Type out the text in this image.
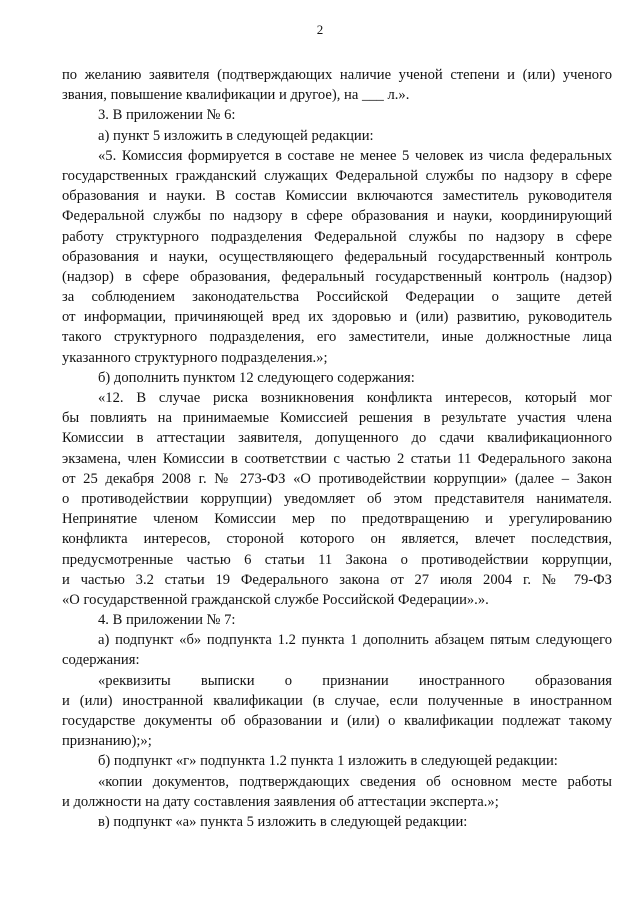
2
по желанию заявителя (подтверждающих наличие ученой степени и (или) ученого
звания, повышение квалификации и другое), на ___ л.».
3. В приложении № 6:
а) пункт 5 изложить в следующей редакции:
«5. Комиссия формируется в составе не менее 5 человек из числа федеральных
государственных гражданский служащих Федеральной службы по надзору в сфере
образования и науки. В состав Комиссии включаются заместитель руководителя
Федеральной службы по надзору в сфере образования и науки, координирующий
работу структурного подразделения Федеральной службы по надзору в сфере
образования и науки, осуществляющего федеральный государственный контроль
(надзор) в сфере образования, федеральный государственный контроль (надзор)
за соблюдением законодательства Российской Федерации о защите детей
от информации, причиняющей вред их здоровью и (или) развитию, руководитель
такого структурного подразделения, его заместители, иные должностные лица
указанного структурного подразделения.»;
б) дополнить пунктом 12 следующего содержания:
«12. В случае риска возникновения конфликта интересов, который мог
бы повлиять на принимаемые Комиссией решения в результате участия члена
Комиссии в аттестации заявителя, допущенного до сдачи квалификационного
экзамена, член Комиссии в соответствии с частью 2 статьи 11 Федерального закона
от 25 декабря 2008 г. № 273-ФЗ «О противодействии коррупции» (далее – Закон
о противодействии коррупции) уведомляет об этом представителя нанимателя.
Непринятие членом Комиссии мер по предотвращению и урегулированию
конфликта интересов, стороной которого он является, влечет последствия,
предусмотренные частью 6 статьи 11 Закона о противодействии коррупции,
и частью 3.2 статьи 19 Федерального закона от 27 июля 2004 г. № 79-ФЗ
«О государственной гражданской службе Российской Федерации».».
4. В приложении № 7:
а) подпункт «б» подпункта 1.2 пункта 1 дополнить абзацем пятым следующего
содержания:
«реквизиты выписки о признании иностранного образования
и (или) иностранной квалификации (в случае, если полученные в иностранном
государстве документы об образовании и (или) о квалификации подлежат такому
признанию);»;
б) подпункт «г» подпункта 1.2 пункта 1 изложить в следующей редакции:
«копии документов, подтверждающих сведения об основном месте работы
и должности на дату составления заявления об аттестации эксперта.»;
в) подпункт «а» пункта 5 изложить в следующей редакции:
